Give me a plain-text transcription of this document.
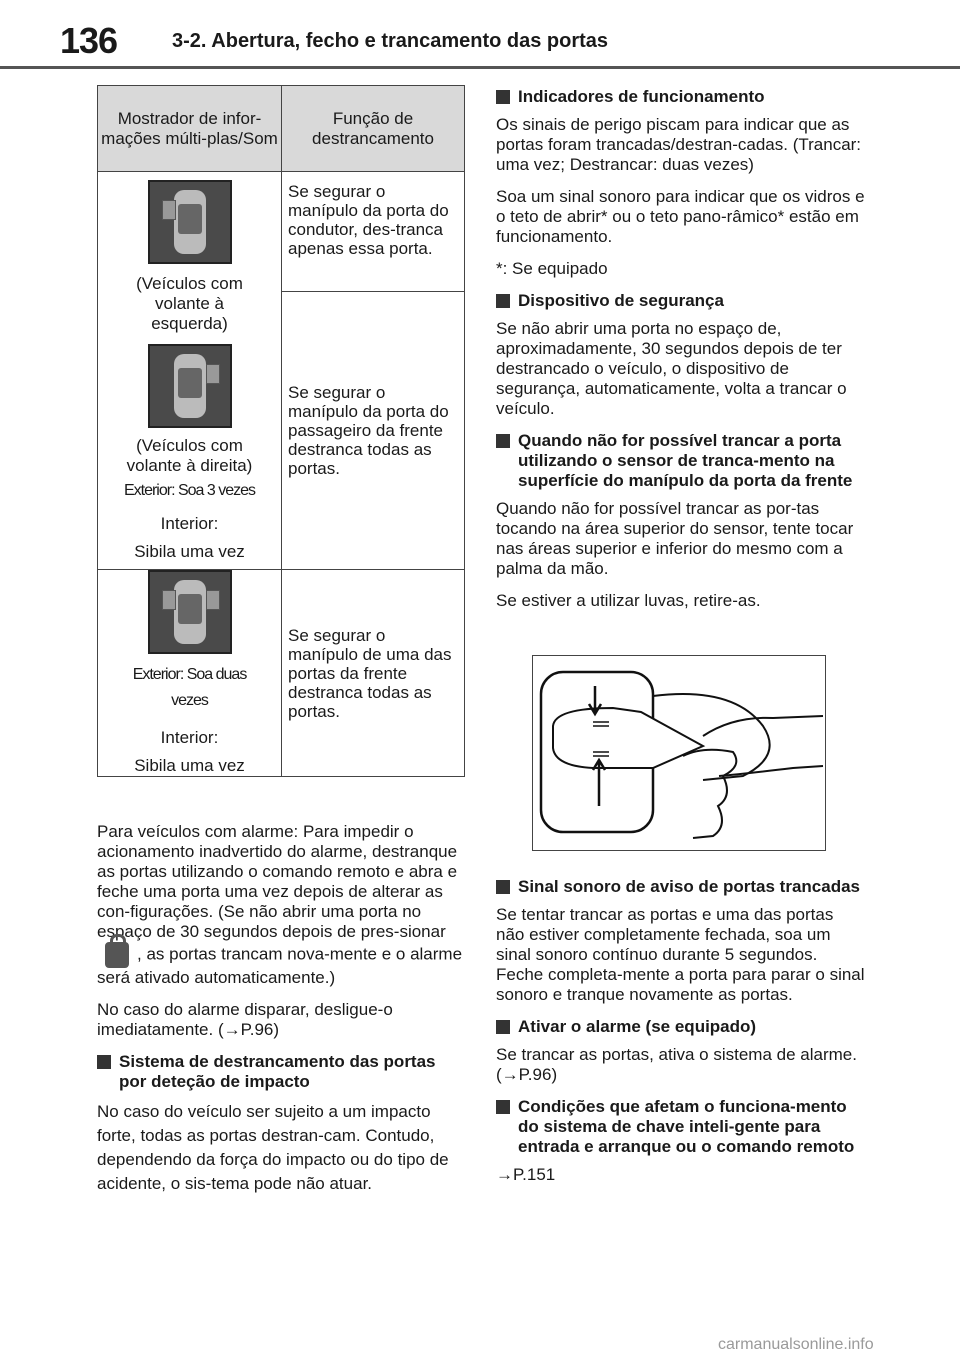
136	3-2. Abertura, fecho e trancamento das portas
Mostrador de infor-mações múlti-plas/Som	Função de destrancamento

(Veículos com volante à esquerda)
(Veículos com volante à direita)
Exterior: Soa 3 vezes
Interior:
Sibila uma vez	Se segurar o manípulo da porta do condutor, des-tranca apenas essa porta.
	Se segurar o manípulo da porta do passageiro da frente destranca todas as portas.

Exterior: Soa duas vezes
Interior:
Sibila uma vez	Se segurar o manípulo de uma das portas da frente destranca todas as portas.

Para veículos com alarme: Para impedir o acionamento inadvertido do alarme, destranque as portas utilizando o comando remoto e abra e feche uma porta uma vez depois de alterar as con-figurações. (Se não abrir uma porta no espaço de 30 segundos depois de pres-sionar, as portas trancam nova-mente e o alarme será ativado automaticamente.)

No caso do alarme disparar, desligue-o imediatamente. (→P.96)

Sistema de destrancamento das portas por deteção de impacto

No caso do veículo ser sujeito a um impacto forte, todas as portas destran-cam. Contudo, dependendo da força do impacto ou do tipo de acidente, o sis-tema pode não atuar.

Indicadores de funcionamento

Os sinais de perigo piscam para indicar que as portas foram trancadas/destran-cadas. (Trancar: uma vez; Destrancar: duas vezes)

Soa um sinal sonoro para indicar que os vidros e o teto de abrir* ou o teto pano-râmico* estão em funcionamento.

*: Se equipado

Dispositivo de segurança

Se não abrir uma porta no espaço de, aproximadamente, 30 segundos depois de ter destrancado o veículo, o dispositivo de segurança, automaticamente, volta a trancar o veículo.

Quando não for possível trancar a porta utilizando o sensor de tranca-mento na superfície do manípulo da porta da frente

Quando não for possível trancar as por-tas tocando na área superior do sensor, tente tocar nas áreas superior e inferior do mesmo com a palma da mão.

Se estiver a utilizar luvas, retire-as.

Sinal sonoro de aviso de portas trancadas

Se tentar trancar as portas e uma das portas não estiver completamente fechada, soa um sinal sonoro contínuo durante 5 segundos. Feche completa-mente a porta para parar o sinal sonoro e tranque novamente as portas.

Ativar o alarme (se equipado)

Se trancar as portas, ativa o sistema de alarme. (→P.96)

Condições que afetam o funciona-mento do sistema de chave inteli-gente para entrada e arranque ou o comando remoto

→P.151

carmanualsonline.info
